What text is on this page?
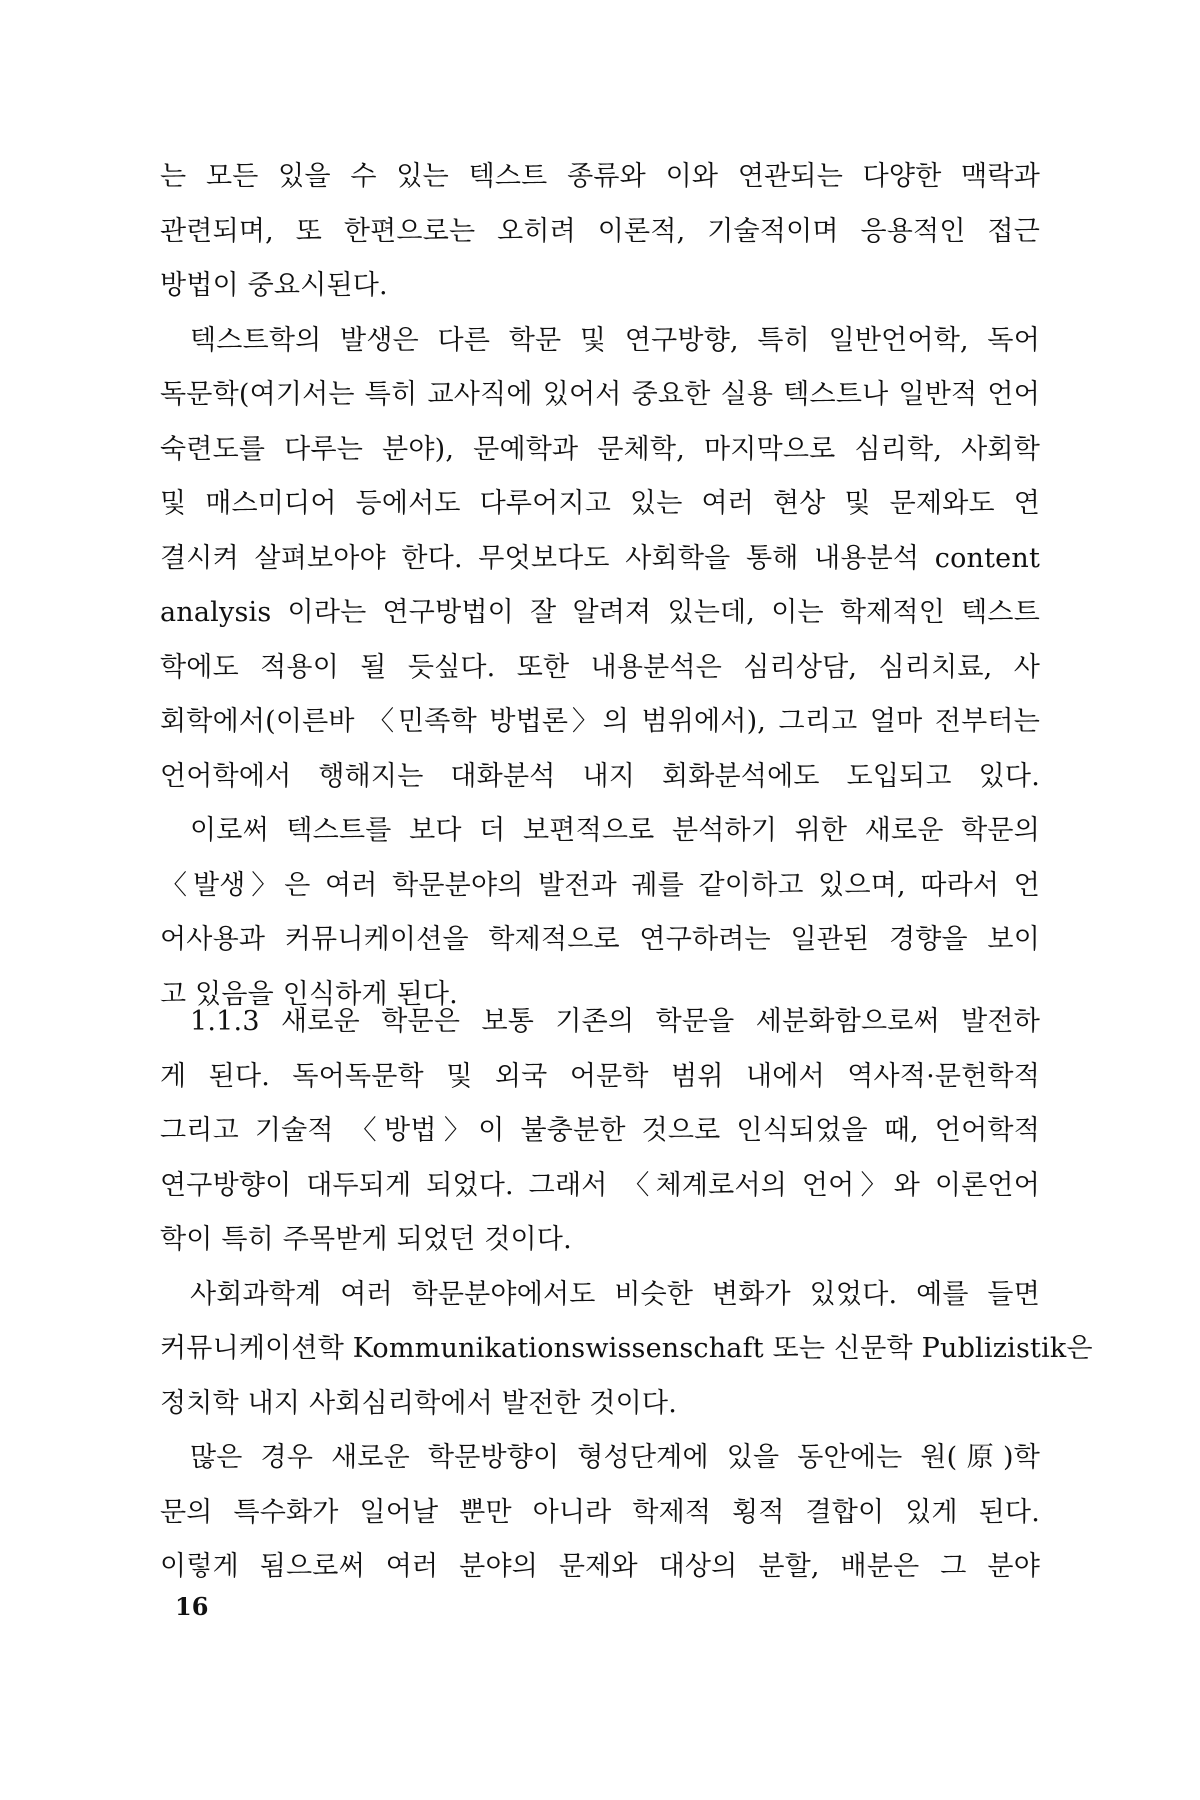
는 모든 있을 수 있는 텍스트 종류와 이와 연관되는 다양한 맥락과
관련되며, 또 한편으로는 오히려 이론적, 기술적이며 응용적인 접근
방법이 중요시된다.
텍스트학의 발생은 다른 학문 및 연구방향, 특히 일반언어학, 독어
독문학(여기서는 특히 교사직에 있어서 중요한 실용 텍스트나 일반적 언어
숙련도를 다루는 분야), 문예학과 문체학, 마지막으로 심리학, 사회학
및 매스미디어 등에서도 다루어지고 있는 여러 현상 및 문제와도 연
결시켜 살펴보아야 한다. 무엇보다도 사회학을 통해 내용분석 content
analysis 이라는 연구방법이 잘 알려져 있는데, 이는 학제적인 텍스트
학에도 적용이 될 듯싶다. 또한 내용분석은 심리상담, 심리치료, 사
회학에서(이른바 〈민족학 방법론〉의 범위에서), 그리고 얼마 전부터는
언어학에서 행해지는 대화분석 내지 회화분석에도 도입되고 있다.
이로써 텍스트를 보다 더 보편적으로 분석하기 위한 새로운 학문의
〈발생〉은 여러 학문분야의 발전과 궤를 같이하고 있으며, 따라서 언
어사용과 커뮤니케이션을 학제적으로 연구하려는 일관된 경향을 보이
고 있음을 인식하게 된다.
1.1.3 새로운 학문은 보통 기존의 학문을 세분화함으로써 발전하
게 된다. 독어독문학 및 외국 어문학 범위 내에서 역사적·문헌학적
그리고 기술적 〈방법〉이 불충분한 것으로 인식되었을 때, 언어학적
연구방향이 대두되게 되었다. 그래서 〈체계로서의 언어〉와 이론언어
학이 특히 주목받게 되었던 것이다.
사회과학계 여러 학문분야에서도 비슷한 변화가 있었다. 예를 들면
커뮤니케이션학 Kommunikationswissenschaft 또는 신문학 Publizistik은
정치학 내지 사회심리학에서 발전한 것이다.
많은 경우 새로운 학문방향이 형성단계에 있을 동안에는 원(原)학
문의 특수화가 일어날 뿐만 아니라 학제적 횡적 결합이 있게 된다.
이렇게 됨으로써 여러 분야의 문제와 대상의 분할, 배분은 그 분야
16
